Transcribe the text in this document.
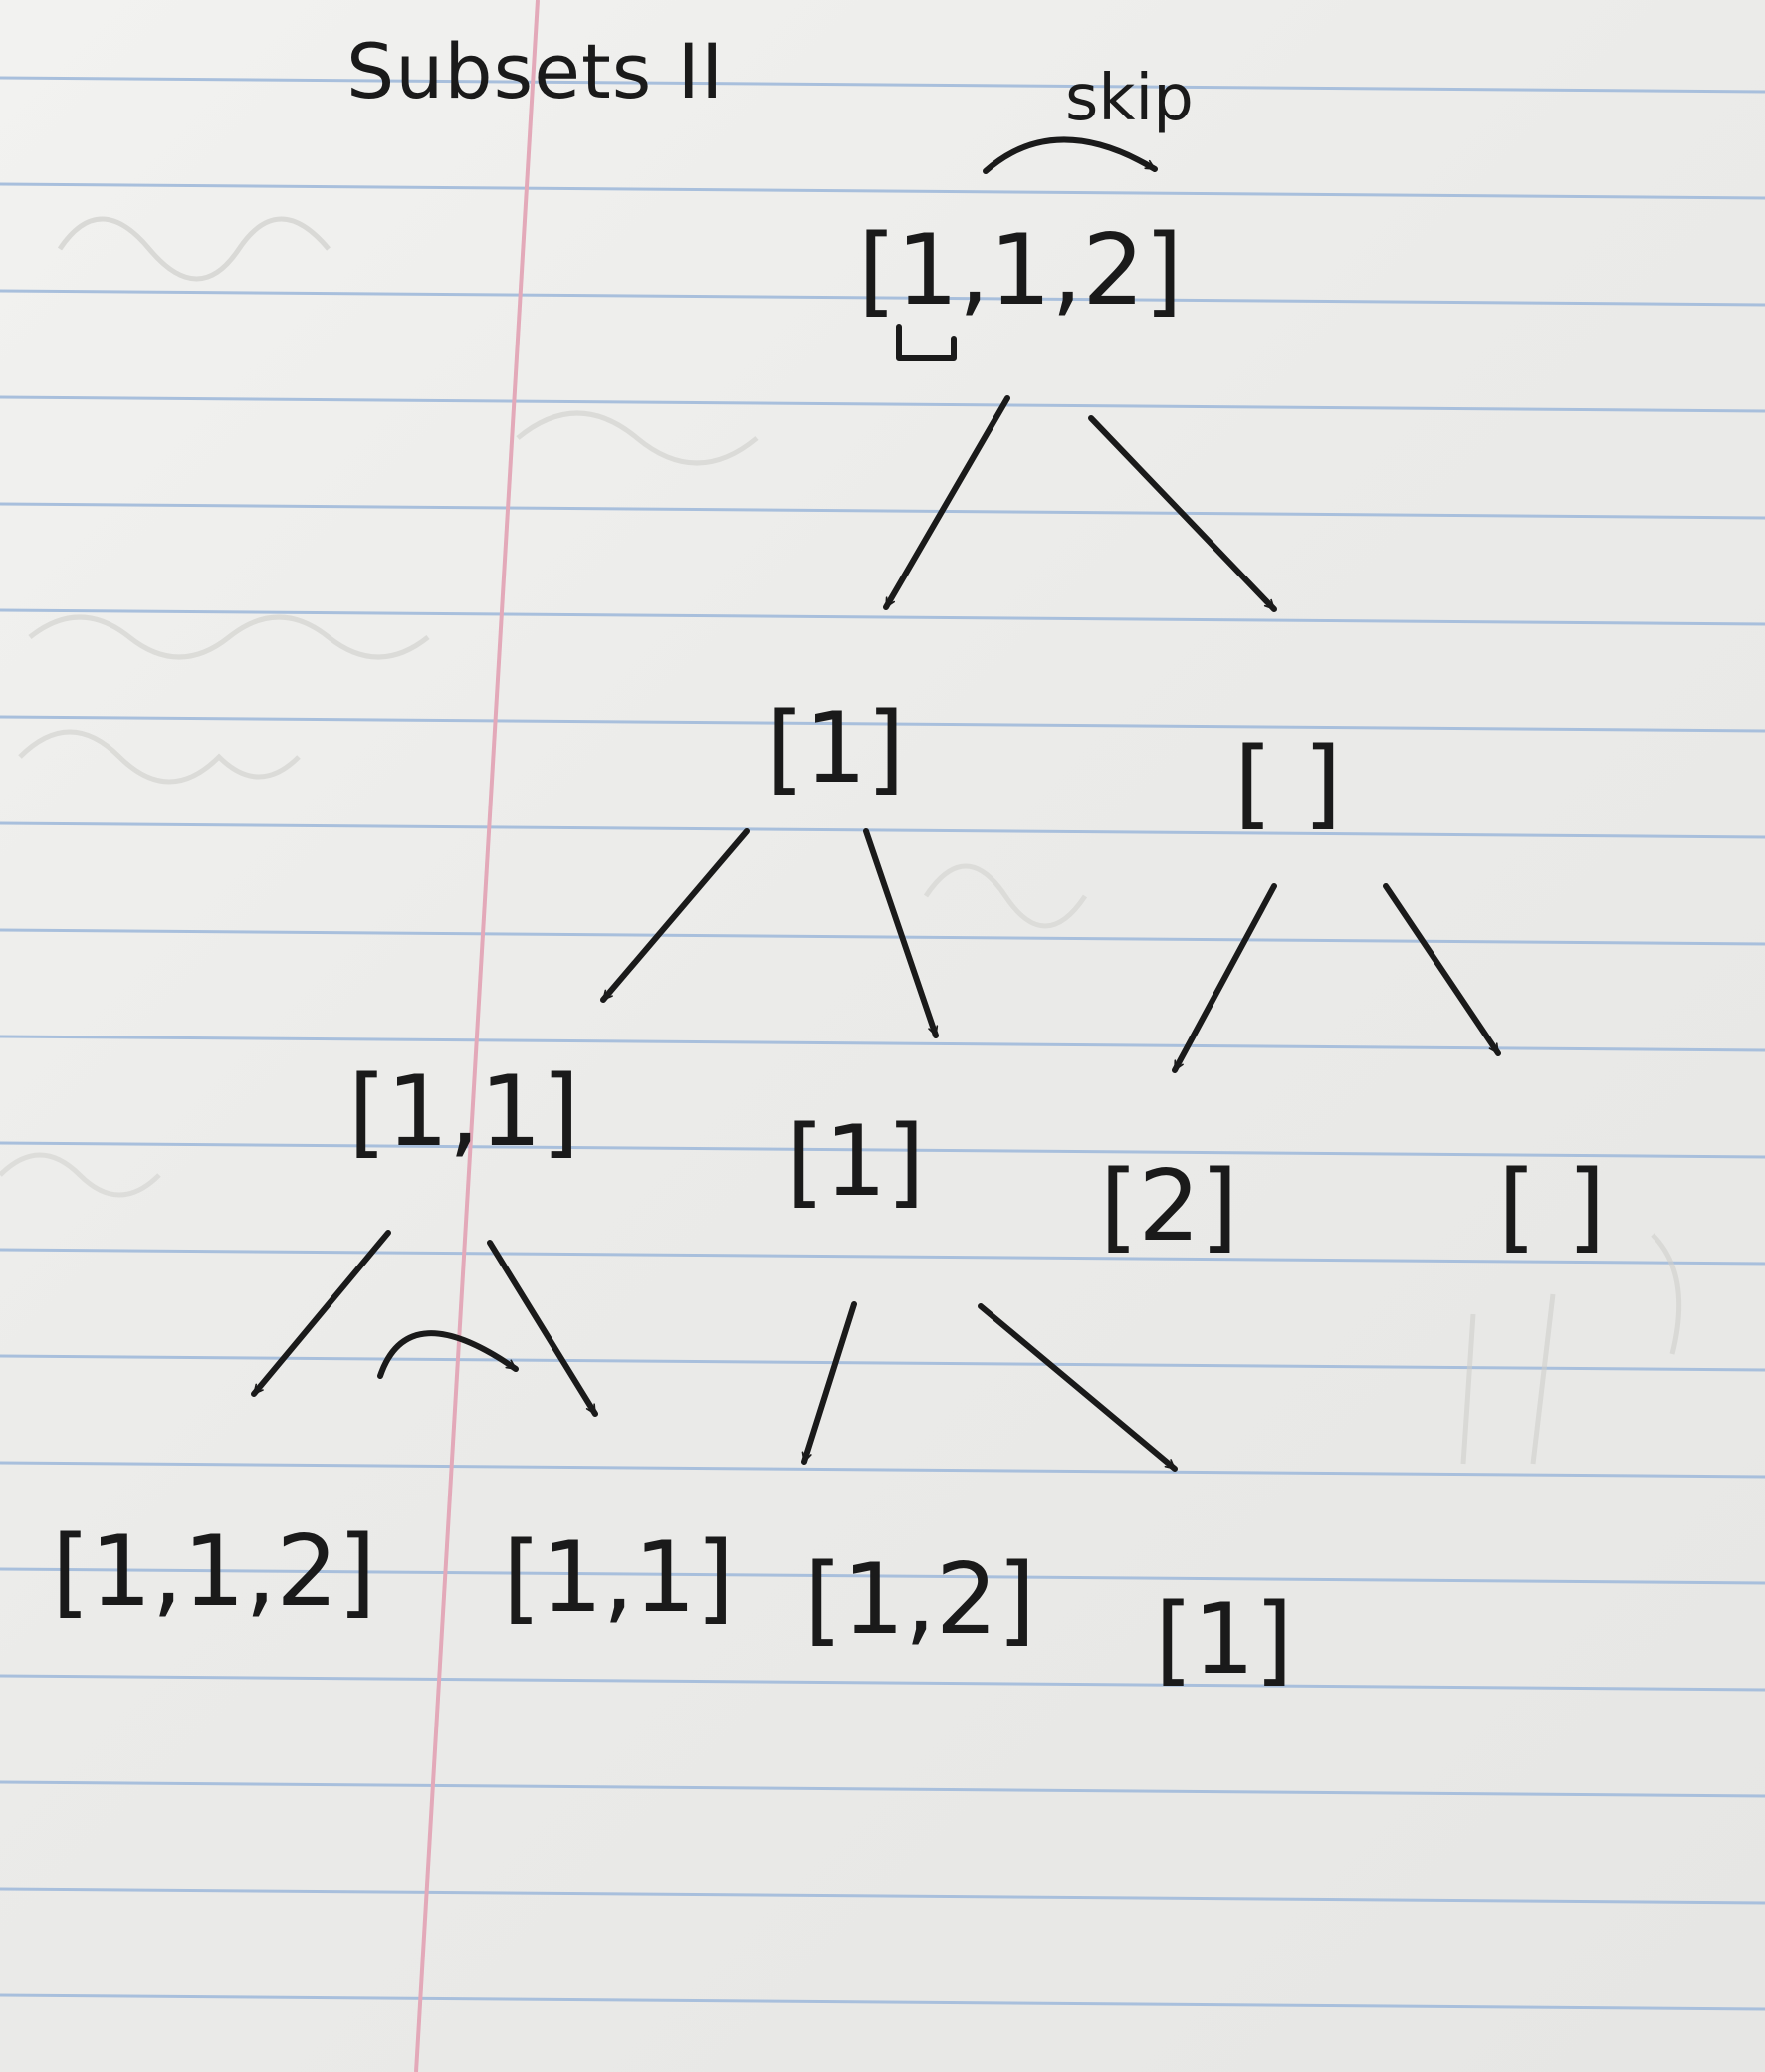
Subsets II	skip
[1,1,2]
[1]	[ ]
[1,1] [1] [2]	[ ]
[1,1,2] [1,1] [1,2] [1]
